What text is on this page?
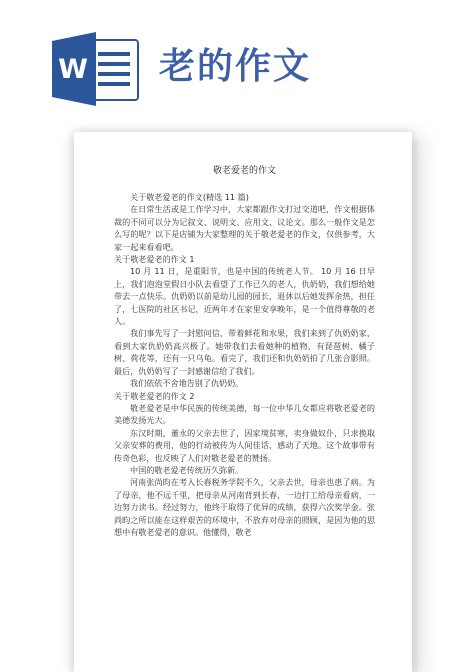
W 老的作文
敬老爱老的作文

关于敬老爱老的作文(精选 11 篇)

在日常生活或是工作学习中，大家都跟作文打过交道吧，作文根据体裁的不同可以分为记叙文、说明文、应用文、议论文。那么一般作文是怎么写的呢？以下是店铺为大家整理的关于敬老爱老的作文，仅供参考，大家一起来看看吧。

关于敬老爱老的作文 1

10 月 11 日，是重阳节，也是中国的传统老人节。 10 月 16 日早上，我们泡泡堂假日小队去看望了工作已久的老人，仇奶奶，我们想给她带去一点快乐。仇奶奶以前是幼儿园的园长，退休以后她发挥余热，担任了，七医院的社区书记，近两年才在家里安享晚年，是一个值得尊敬的老人。

我们事先写了一封慰问信，带着鲜花和水果，我们来到了仇奶奶家，看到大家仇奶奶高兴极了。她带我们去看她种的植物，有琵琶树、橘子树、荷花等，还有一只乌龟。看完了，我们还和仇奶奶拍了几张合影照。最后，仇奶奶写了一封感谢信给了我们。

我们依依不舍地告别了仇奶奶。

关于敬老爱老的作文 2

敬老爱老是中华民族的传统美德，每一位中华儿女都应将敬老爱老的美德发扬光大。

东汉时期，董永的父亲去世了，因家境贫寒，卖身做奴仆，只求换取父亲安葬的费用，他的行动被传为人间佳话，感动了天地。这个故事带有传奇色彩，也反映了人们对敬老爱老的赞扬。

中国的敬老爱老传统历久弥新。

河南张尚昀在考入长春税务学院不久，父亲去世，母亲也患了病。为了母亲，他不远千里，把母亲从河南背到长春，一边打工给母亲看病，一边努力读书。经过努力，他终于取得了优异的成绩，获得六次奖学金。张尚昀之所以能在这样艰苦的环境中，不放弃对母亲的照顾，是因为他的思想中有敬老爱老的意识。他懂得，敬老
